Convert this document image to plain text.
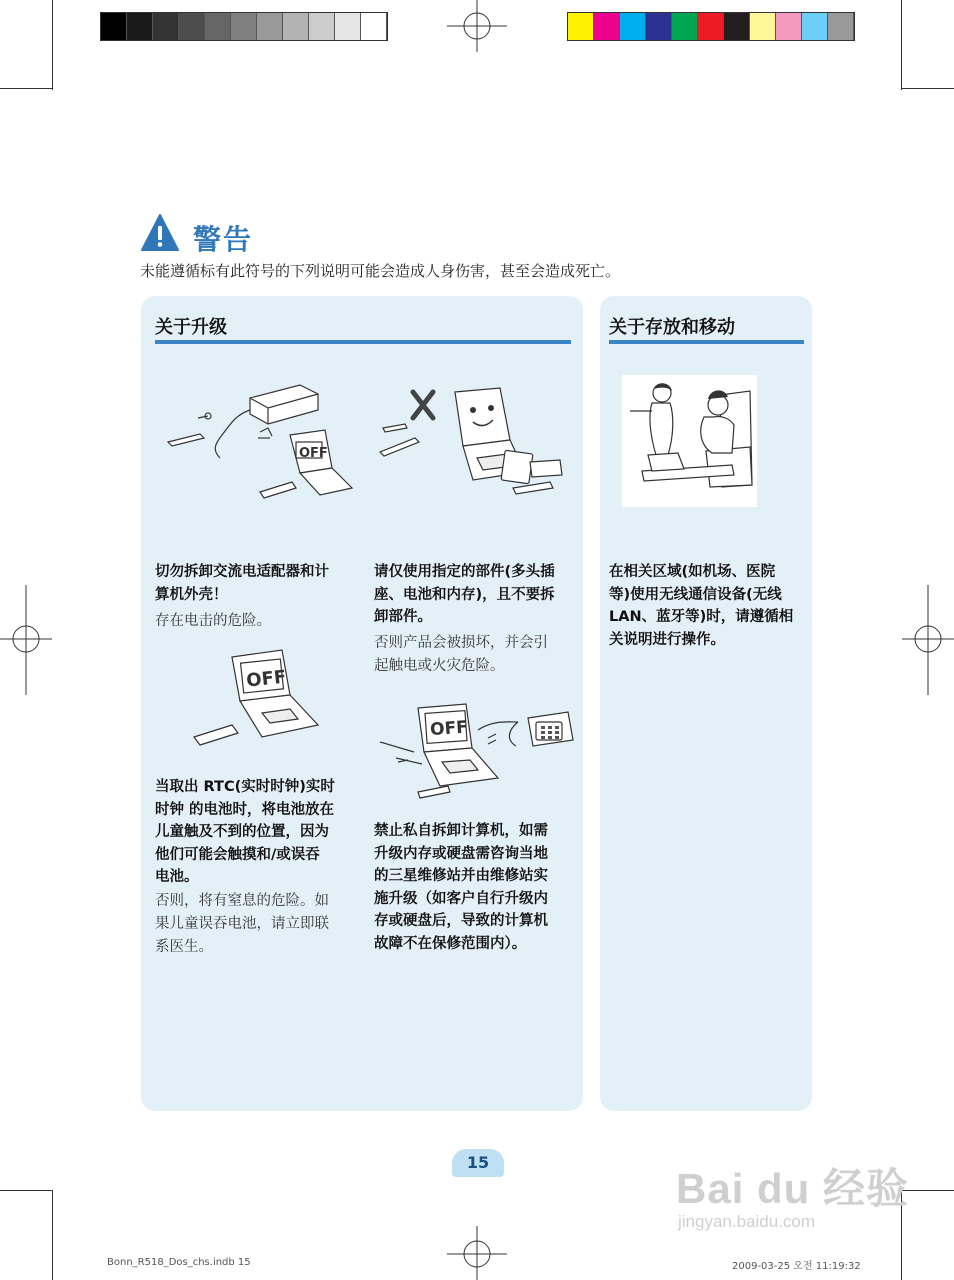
警告
未能遵循标有此符号的下列说明可能会造成人身伤害，甚至会造成死亡。
关于升级
OFF
切勿拆卸交流电适配器和计
算机外壳！
存在电击的危险。
请仅使用指定的部件(多头插
座、电池和内存)，且不要拆
卸部件。
否则产品会被损坏，并会引
起触电或火灾危险。
OFF
OFF
当取出 RTC(实时时钟)实时
时钟 的电池时，将电池放在
儿童触及不到的位置，因为
他们可能会触摸和/或误吞
电池。
否则，将有窒息的危险。如
果儿童误吞电池，请立即联
系医生。
禁止私自拆卸计算机，如需
升级内存或硬盘需咨询当地
的三星维修站并由维修站实
施升级（如客户自行升级内
存或硬盘后，导致的计算机
故障不在保修范围内）。
关于存放和移动
在相关区域(如机场、医院
等)使用无线通信设备(无线
LAN、蓝牙等)时，请遵循相
关说明进行操作。
15
Bai du 经验
jingyan.baidu.com
Bonn_R518_Dos_chs.indb 15	2009-03-25 오전 11:19:32
